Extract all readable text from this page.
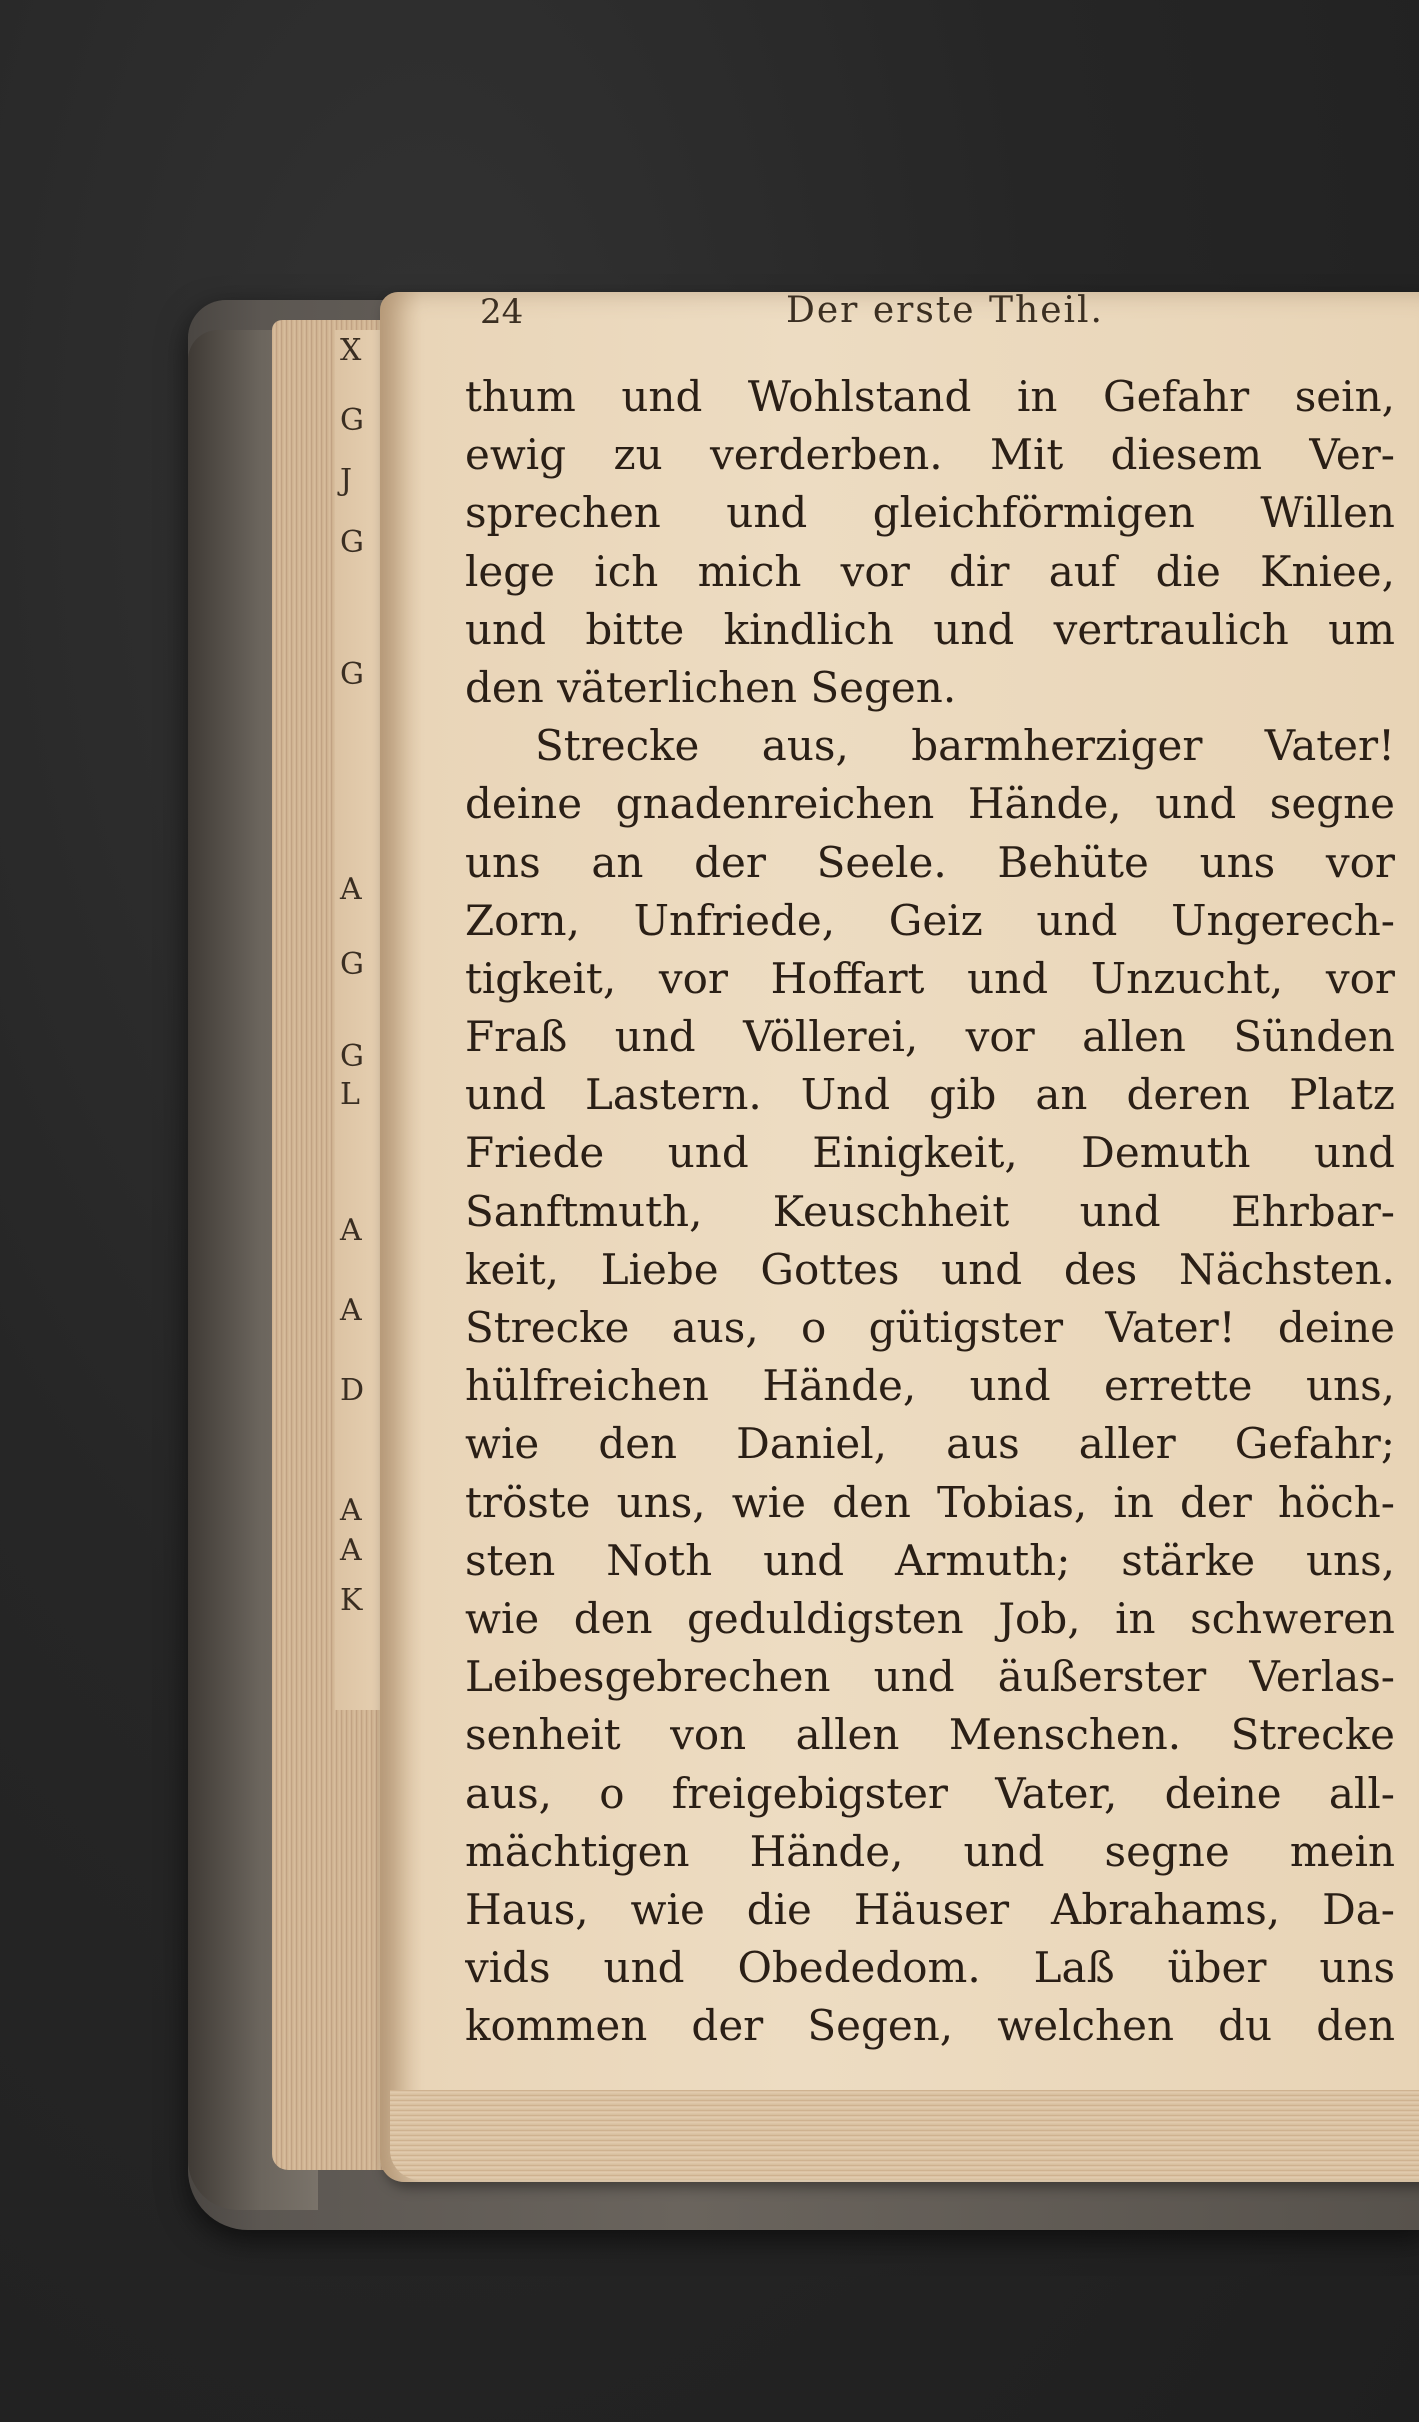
X
G
J
G
G
A
G
G
L
A
A
D
A
A
K
24	Der erste Theil.
thum und Wohlstand in Gefahr sein,
ewig zu verderben. Mit diesem Ver-
sprechen und gleichförmigen Willen
lege ich mich vor dir auf die Kniee,
und bitte kindlich und vertraulich um
den väterlichen Segen.
Strecke aus, barmherziger Vater!
deine gnadenreichen Hände, und segne
uns an der Seele. Behüte uns vor
Zorn, Unfriede, Geiz und Ungerech-
tigkeit, vor Hoffart und Unzucht, vor
Fraß und Völlerei, vor allen Sünden
und Lastern. Und gib an deren Platz
Friede und Einigkeit, Demuth und
Sanftmuth, Keuschheit und Ehrbar-
keit, Liebe Gottes und des Nächsten.
Strecke aus, o gütigster Vater! deine
hülfreichen Hände, und errette uns,
wie den Daniel, aus aller Gefahr;
tröste uns, wie den Tobias, in der höch-
sten Noth und Armuth; stärke uns,
wie den geduldigsten Job, in schweren
Leibesgebrechen und äußerster Verlas-
senheit von allen Menschen. Strecke
aus, o freigebigster Vater, deine all-
mächtigen Hände, und segne mein
Haus, wie die Häuser Abrahams, Da-
vids und Obededom. Laß über uns
kommen der Segen, welchen du den
